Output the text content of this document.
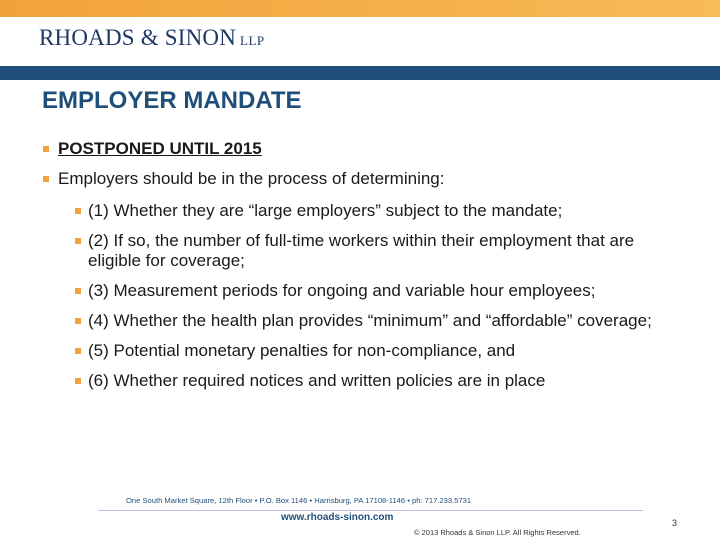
RHOADS & SINON LLP
EMPLOYER MANDATE
POSTPONED UNTIL 2015
Employers should be in the process of determining:
(1) Whether they are “large employers” subject to the mandate;
(2) If so, the number of full-time workers within their employment that are eligible for coverage;
(3) Measurement periods for ongoing and variable hour employees;
(4) Whether the health plan provides “minimum” and “affordable” coverage;
(5) Potential monetary penalties for non-compliance, and
(6) Whether required notices and written policies are in place
One South Market Square, 12th Floor • P.O. Box 1146 • Harrisburg, PA 17108-1146 • ph: 717.233.5731
www.rhoads-sinon.com
© 2013 Rhoads & Sinon LLP. All Rights Reserved.
3
